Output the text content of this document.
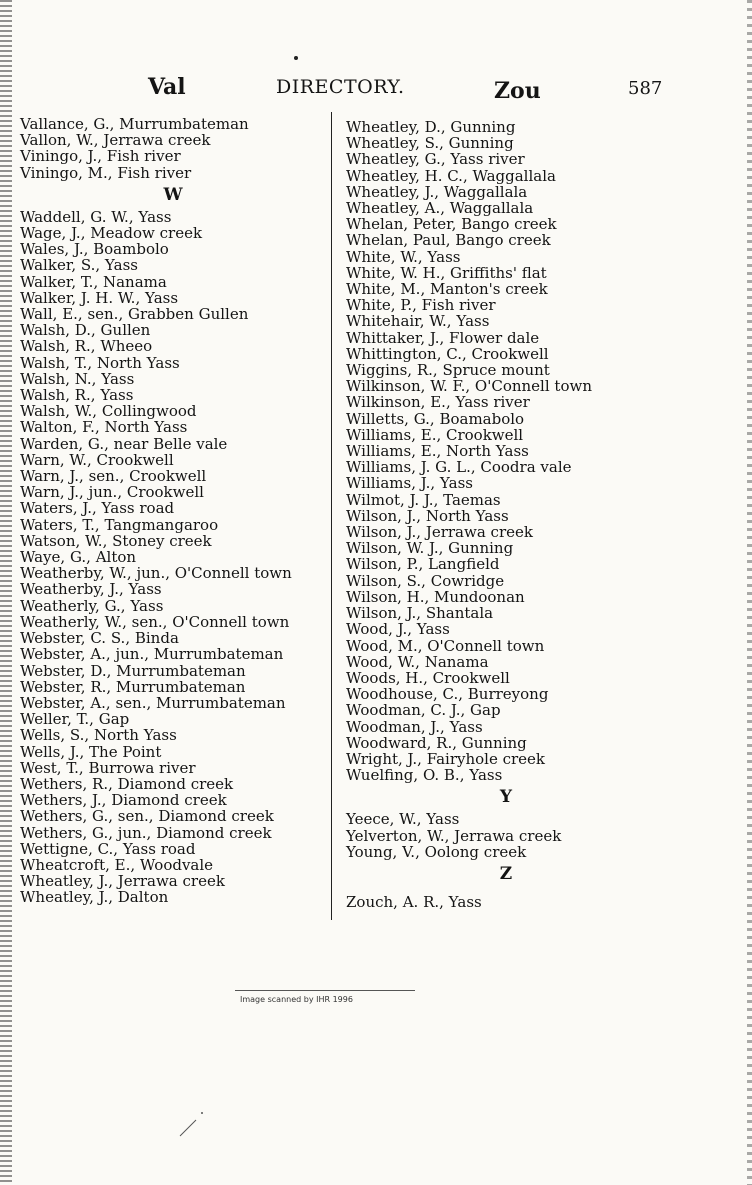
Val	DIRECTORY.	Zou	587
Vallance, G., Murrumbateman
Vallon, W., Jerrawa creek
Viningo, J., Fish river
Viningo, M., Fish river
W
Waddell, G. W., Yass
Wage, J., Meadow creek
Wales, J., Boambolo
Walker, S., Yass
Walker, T., Nanama
Walker, J. H. W., Yass
Wall, E., sen., Grabben Gullen
Walsh, D., Gullen
Walsh, R., Wheeo
Walsh, T., North Yass
Walsh, N., Yass
Walsh, R., Yass
Walsh, W., Collingwood
Walton, F., North Yass
Warden, G., near Belle vale
Warn, W., Crookwell
Warn, J., sen., Crookwell
Warn, J., jun., Crookwell
Waters, J., Yass road
Waters, T., Tangmangaroo
Watson, W., Stoney creek
Waye, G., Alton
Weatherby, W., jun., O'Connell town
Weatherby, J., Yass
Weatherly, G., Yass
Weatherly, W., sen., O'Connell town
Webster, C. S., Binda
Webster, A., jun., Murrumbateman
Webster, D., Murrumbateman
Webster, R., Murrumbateman
Webster, A., sen., Murrumbateman
Weller, T., Gap
Wells, S., North Yass
Wells, J., The Point
West, T., Burrowa river
Wethers, R., Diamond creek
Wethers, J., Diamond creek
Wethers, G., sen., Diamond creek
Wethers, G., jun., Diamond creek
Wettigne, C., Yass road
Wheatcroft, E., Woodvale
Wheatley, J., Jerrawa creek
Wheatley, J., Dalton
Wheatley, D., Gunning
Wheatley, S., Gunning
Wheatley, G., Yass river
Wheatley, H. C., Waggallala
Wheatley, J., Waggallala
Wheatley, A., Waggallala
Whelan, Peter, Bango creek
Whelan, Paul, Bango creek
White, W., Yass
White, W. H., Griffiths' flat
White, M., Manton's creek
White, P., Fish river
Whitehair, W., Yass
Whittaker, J., Flower dale
Whittington, C., Crookwell
Wiggins, R., Spruce mount
Wilkinson, W. F., O'Connell town
Wilkinson, E., Yass river
Willetts, G., Boamabolo
Williams, E., Crookwell
Williams, E., North Yass
Williams, J. G. L., Coodra vale
Williams, J., Yass
Wilmot, J. J., Taemas
Wilson, J., North Yass
Wilson, J., Jerrawa creek
Wilson, W. J., Gunning
Wilson, P., Langfield
Wilson, S., Cowridge
Wilson, H., Mundoonan
Wilson, J., Shantala
Wood, J., Yass
Wood, M., O'Connell town
Wood, W., Nanama
Woods, H., Crookwell
Woodhouse, C., Burreyong
Woodman, C. J., Gap
Woodman, J., Yass
Woodward, R., Gunning
Wright, J., Fairyhole creek
Wuelfing, O. B., Yass
Y
Yeece, W., Yass
Yelverton, W., Jerrawa creek
Young, V., Oolong creek
Z
Zouch, A. R., Yass
Image scanned by IHR 1996
